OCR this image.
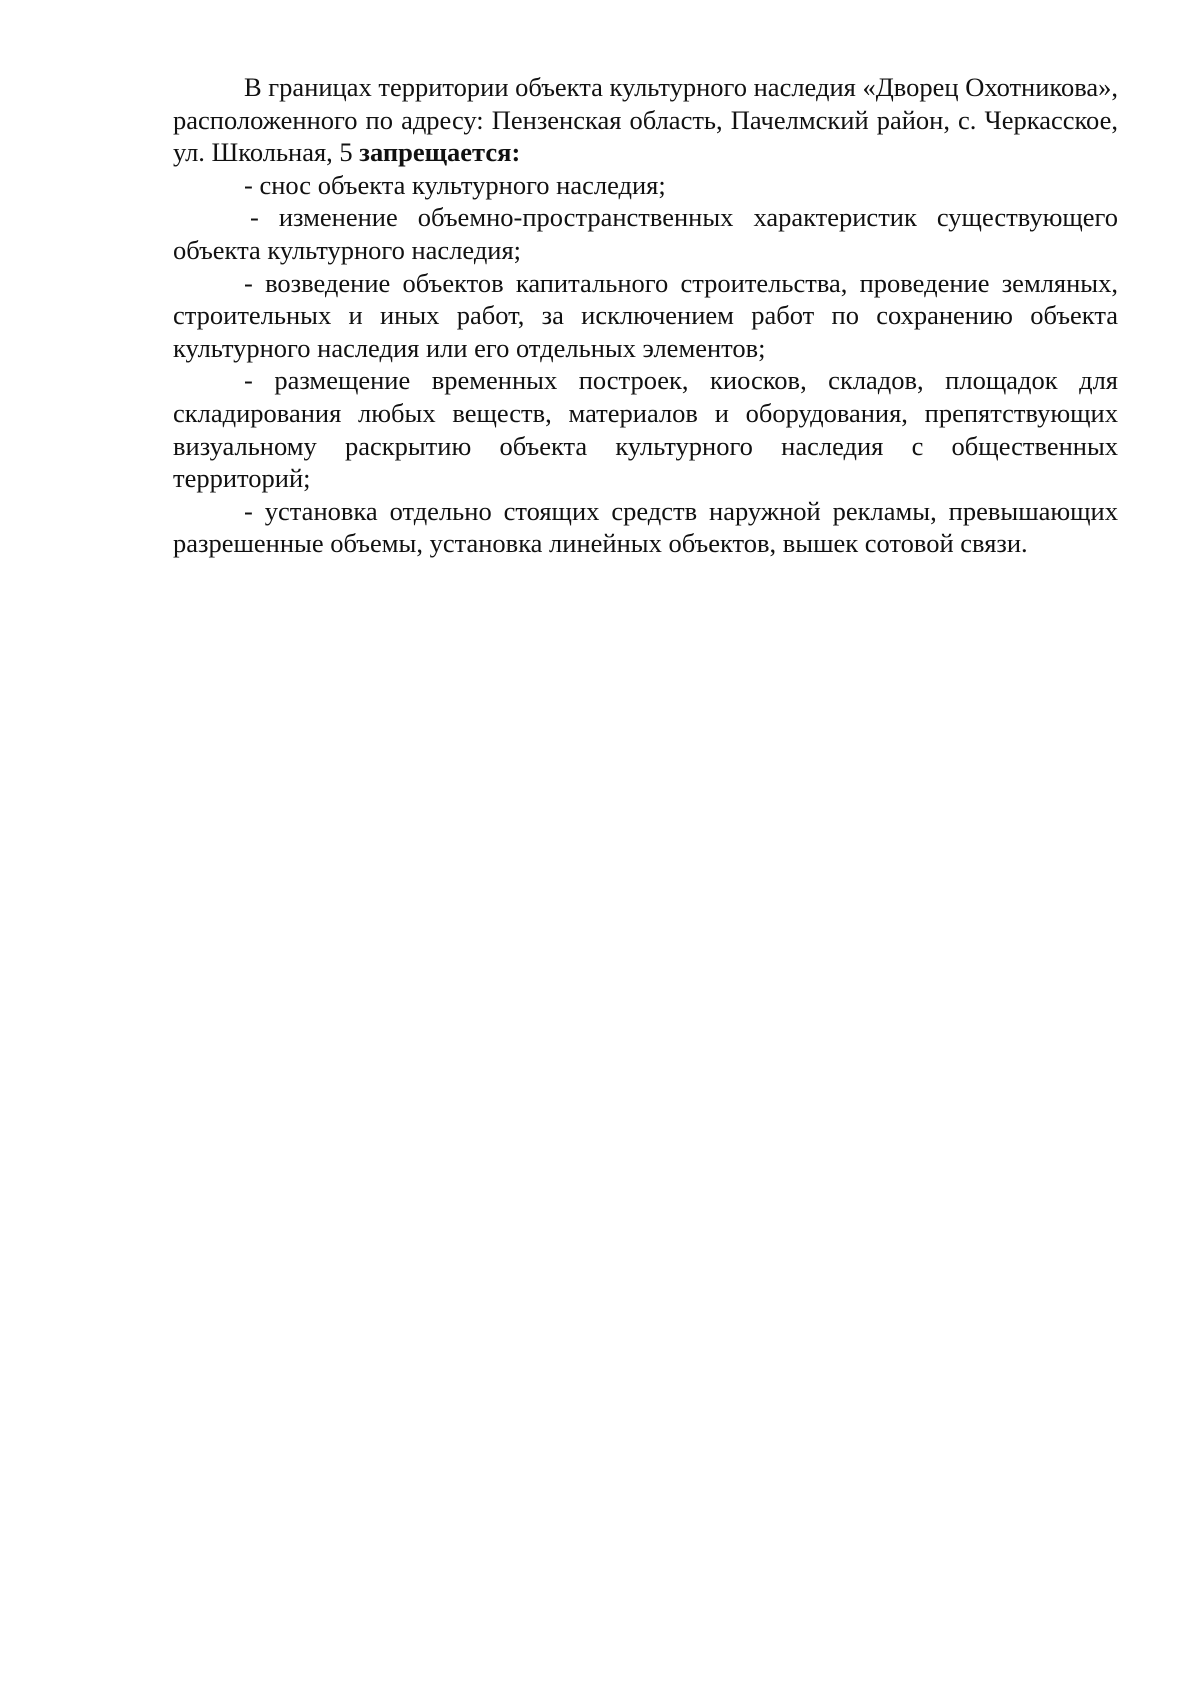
В границах территории объекта культурного наследия «Дворец Охотникова», расположенного по адресу: Пензенская область, Пачелмский район, с. Черкасское, ул. Школьная, 5 запрещается:

- снос объекта культурного наследия;

- изменение объемно-пространственных характеристик существующего объекта культурного наследия;

- возведение объектов капитального строительства, проведение земляных, строительных и иных работ, за исключением работ по сохранению объекта культурного наследия или его отдельных элементов;

- размещение временных построек, киосков, складов, площадок для складирования любых веществ, материалов и оборудования, препятствующих визуальному раскрытию объекта культурного наследия с общественных территорий;

- установка отдельно стоящих средств наружной рекламы, превышающих разрешенные объемы, установка линейных объектов, вышек сотовой связи.
